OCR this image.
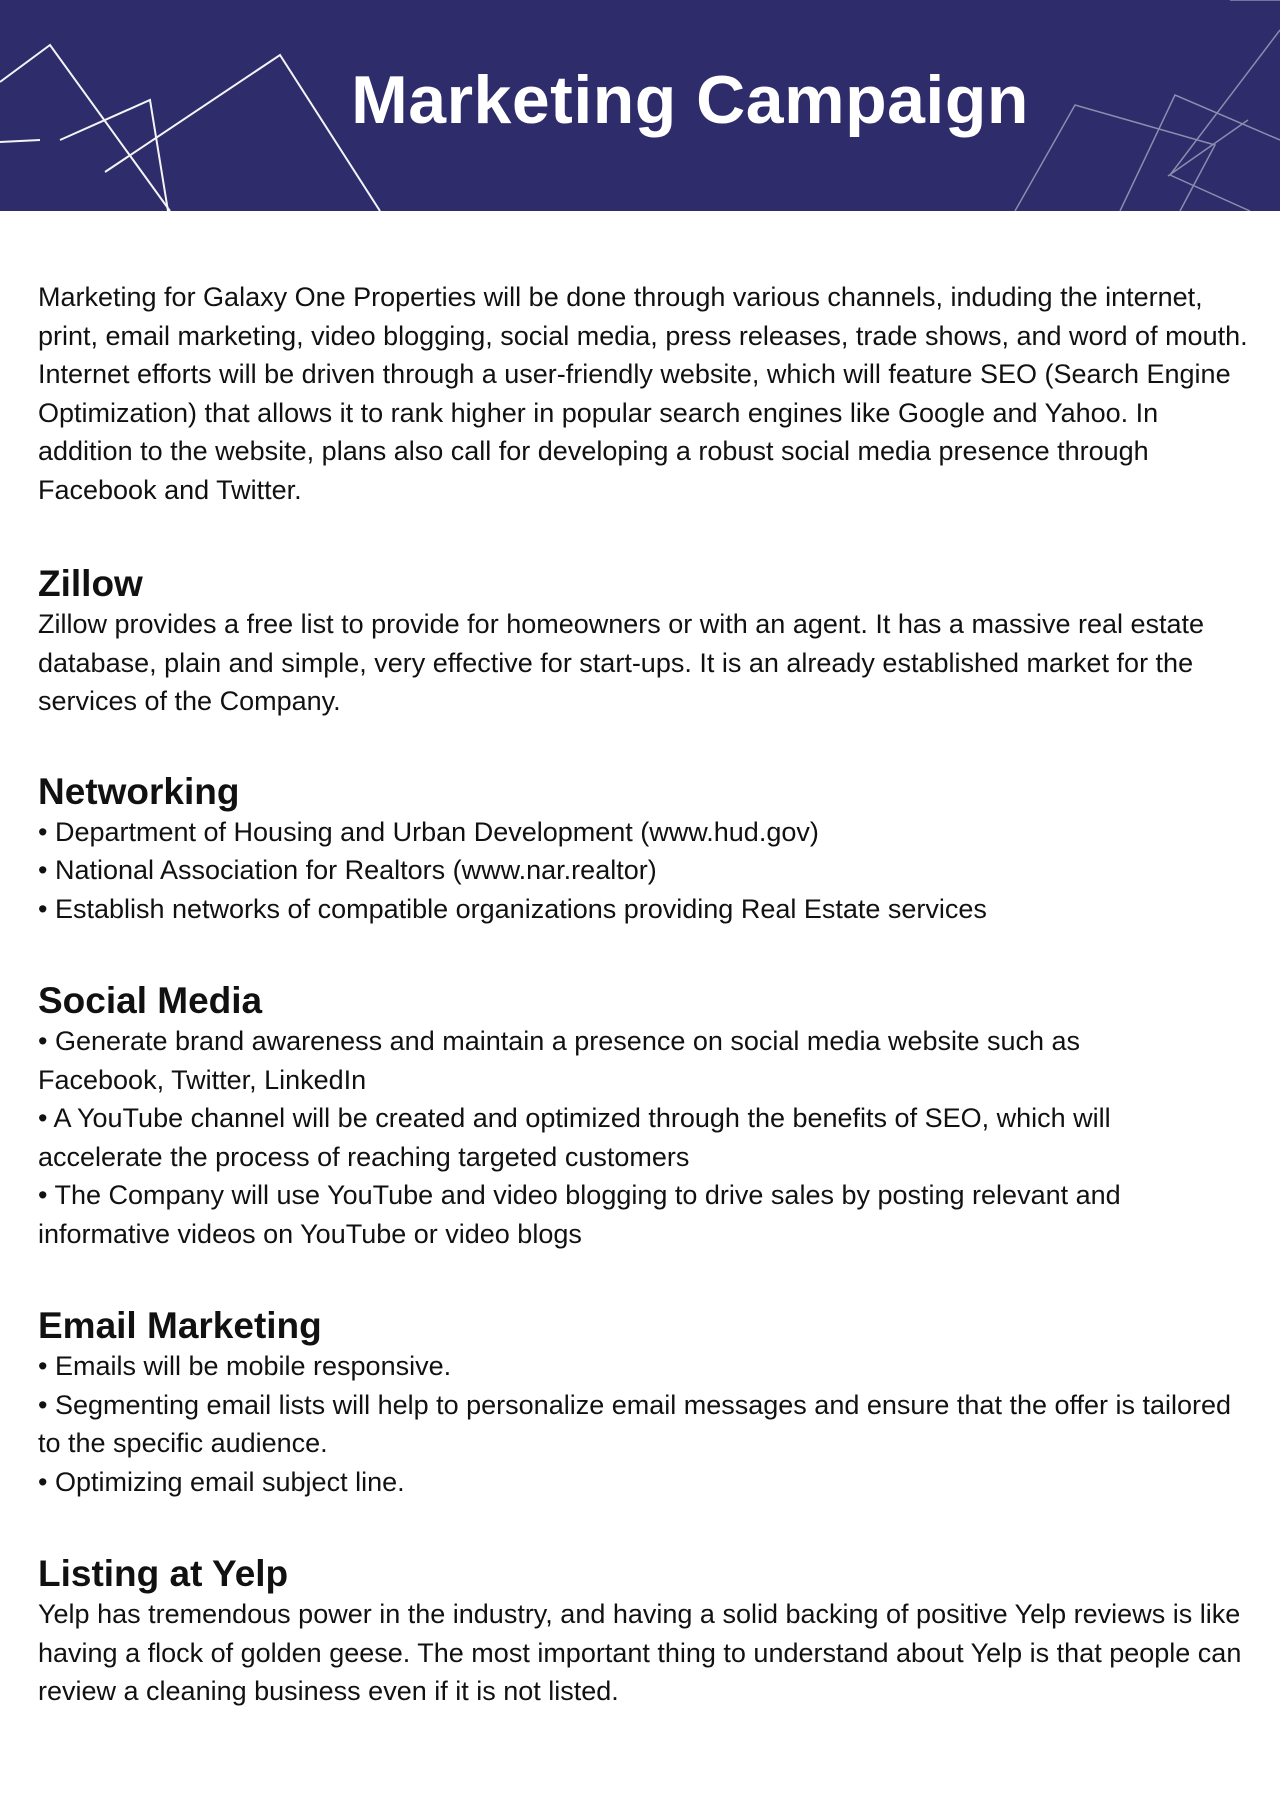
Marketing Campaign

Marketing for Galaxy One Properties will be done through various channels, induding the internet, print, email marketing, video blogging, social media, press releases, trade shows, and word of mouth. Internet efforts will be driven through a user-friendly website, which will feature SEO (Search Engine Optimization) that allows it to rank higher in popular search engines like Google and Yahoo. In addition to the website, plans also call for developing a robust social media presence through Facebook and Twitter.

Zillow

Zillow provides a free list to provide for homeowners or with an agent. It has a massive real estate database, plain and simple, very effective for start-ups. It is an already established market for the services of the Company.

Networking
• Department of Housing and Urban Development (www.hud.gov)
• National Association for Realtors (www.nar.realtor)
• Establish networks of compatible organizations providing Real Estate services
Social Media
• Generate brand awareness and maintain a presence on social media website such as Facebook, Twitter, LinkedIn
• A YouTube channel will be created and optimized through the benefits of SEO, which will accelerate the process of reaching targeted customers
• The Company will use YouTube and video blogging to drive sales by posting relevant and informative videos on YouTube or video blogs
Email Marketing
• Emails will be mobile responsive.
• Segmenting email lists will help to personalize email messages and ensure that the offer is tailored to the specific audience.
• Optimizing email subject line.
Listing at Yelp

Yelp has tremendous power in the industry, and having a solid backing of positive Yelp reviews is like having a flock of golden geese. The most important thing to understand about Yelp is that people can review a cleaning business even if it is not listed.
